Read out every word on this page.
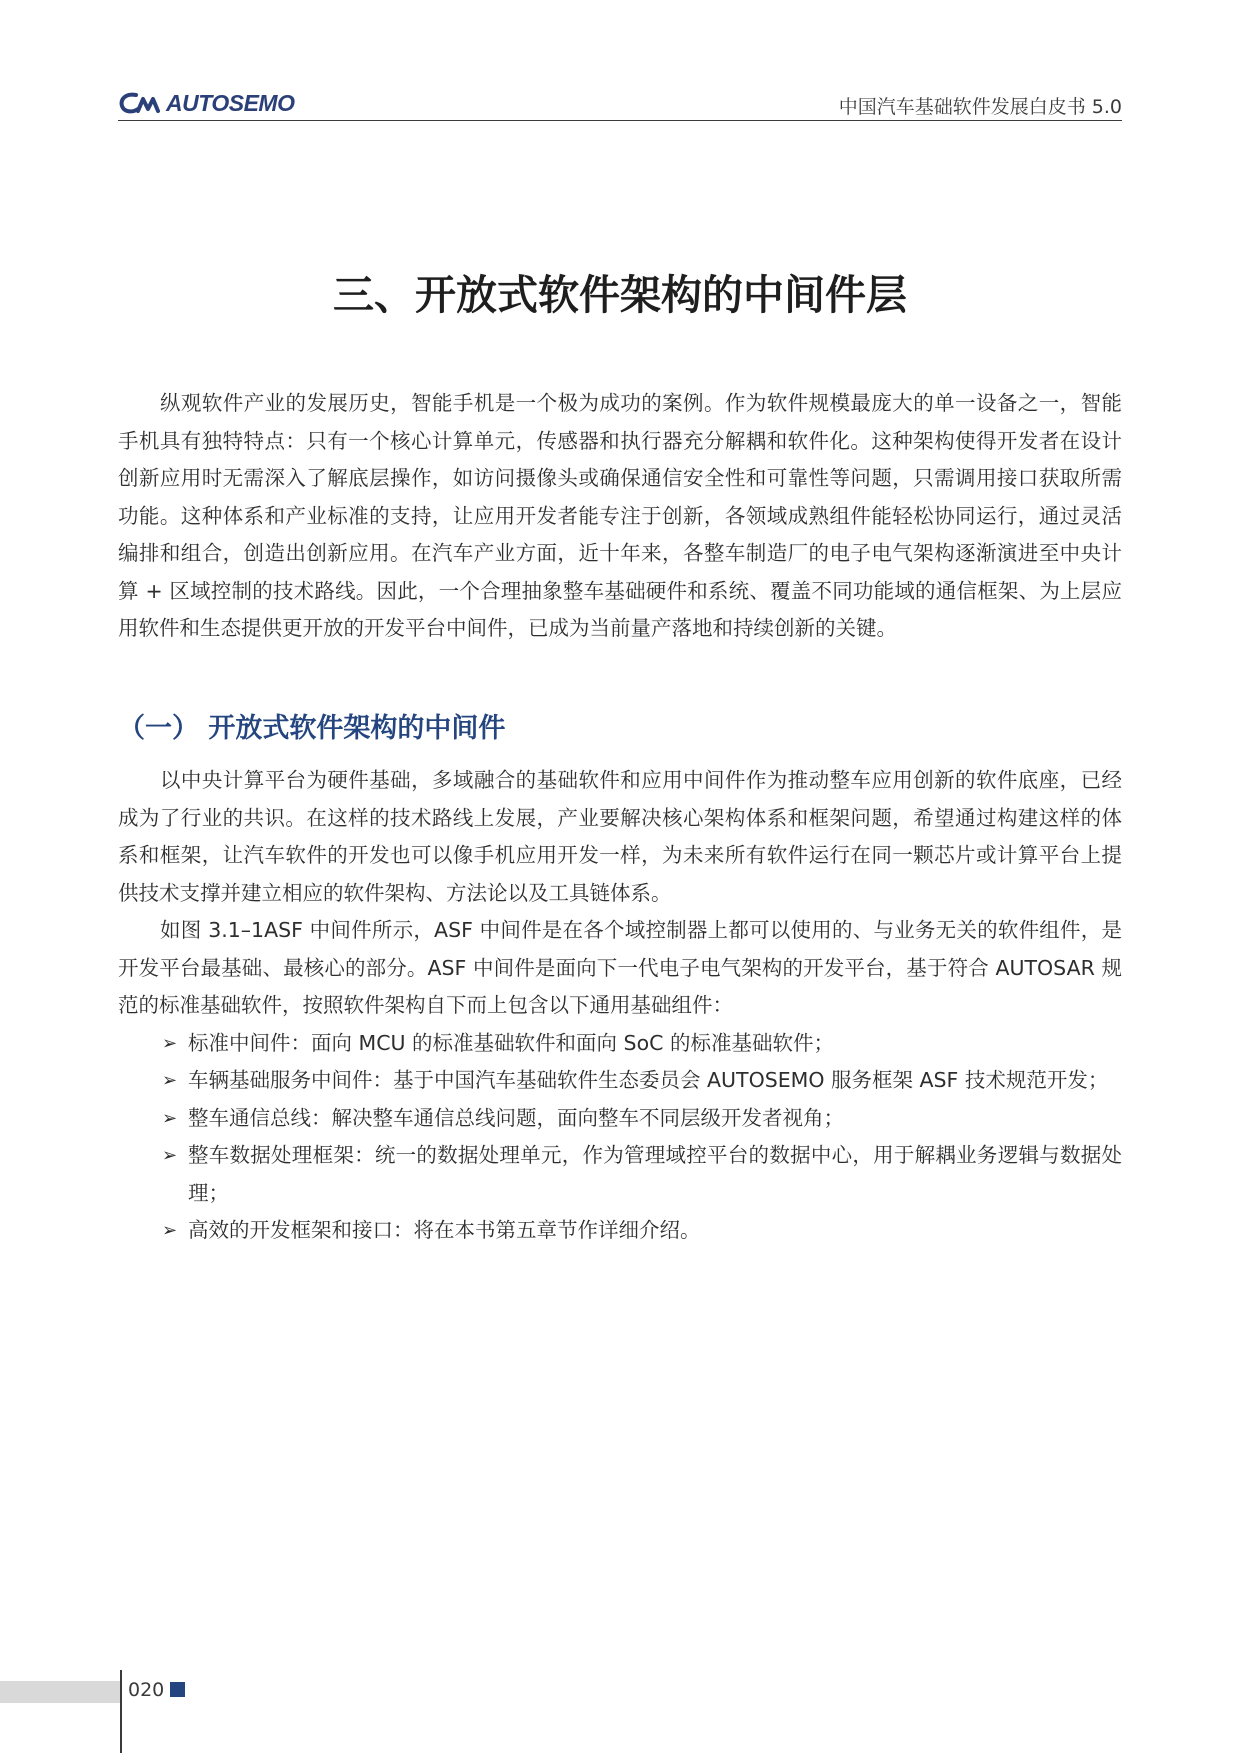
AUTOSEMO	中国汽车基础软件发展白皮书 5.0
三、开放式软件架构的中间件层

纵观软件产业的发展历史，智能手机是一个极为成功的案例。作为软件规模最庞大的单一设备之一，智能手机具有独特特点：只有一个核心计算单元，传感器和执行器充分解耦和软件化。这种架构使得开发者在设计创新应用时无需深入了解底层操作，如访问摄像头或确保通信安全性和可靠性等问题，只需调用接口获取所需功能。这种体系和产业标准的支持，让应用开发者能专注于创新，各领域成熟组件能轻松协同运行，通过灵活编排和组合，创造出创新应用。在汽车产业方面，近十年来，各整车制造厂的电子电气架构逐渐演进至中央计算 + 区域控制的技术路线。因此，一个合理抽象整车基础硬件和系统、覆盖不同功能域的通信框架、为上层应用软件和生态提供更开放的开发平台中间件，已成为当前量产落地和持续创新的关键。

（一） 开放式软件架构的中间件

以中央计算平台为硬件基础，多域融合的基础软件和应用中间件作为推动整车应用创新的软件底座，已经成为了行业的共识。在这样的技术路线上发展，产业要解决核心架构体系和框架问题，希望通过构建这样的体系和框架，让汽车软件的开发也可以像手机应用开发一样，为未来所有软件运行在同一颗芯片或计算平台上提供技术支撑并建立相应的软件架构、方法论以及工具链体系。

如图 3.1–1ASF 中间件所示，ASF 中间件是在各个域控制器上都可以使用的、与业务无关的软件组件，是开发平台最基础、最核心的部分。ASF 中间件是面向下一代电子电气架构的开发平台，基于符合 AUTOSAR 规范的标准基础软件，按照软件架构自下而上包含以下通用基础组件：

➢ 标准中间件：面向 MCU 的标准基础软件和面向 SoC 的标准基础软件；
➢ 车辆基础服务中间件：基于中国汽车基础软件生态委员会 AUTOSEMO 服务框架 ASF 技术规范开发；
➢ 整车通信总线：解决整车通信总线问题，面向整车不同层级开发者视角；
➢ 整车数据处理框架：统一的数据处理单元，作为管理域控平台的数据中心，用于解耦业务逻辑与数据处理；
➢ 高效的开发框架和接口：将在本书第五章节作详细介绍。
020
